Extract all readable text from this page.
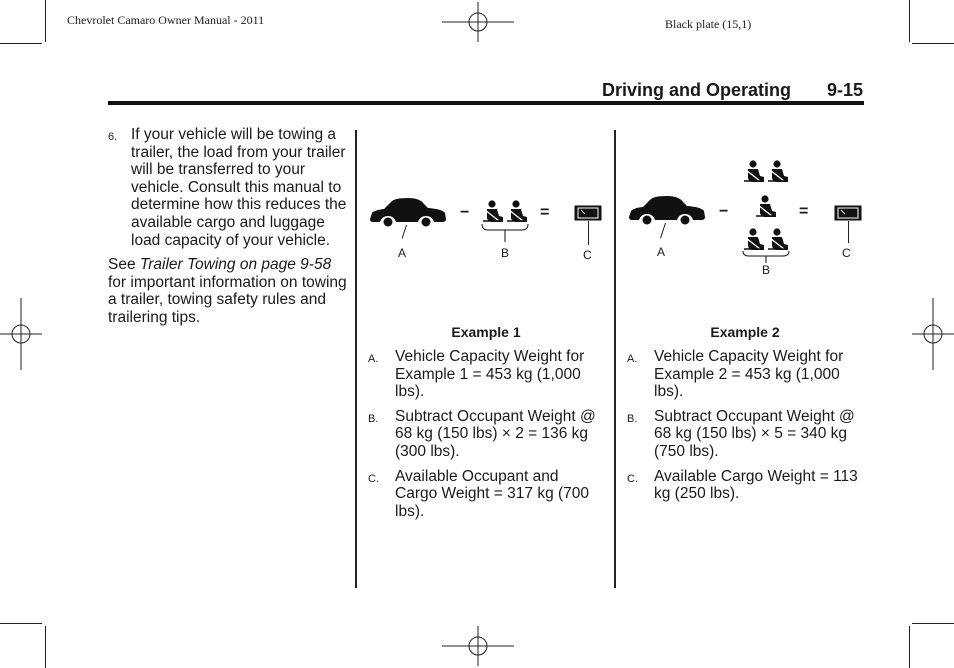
Chevrolet Camaro Owner Manual - 2011	Black plate (15,1)
Driving and Operating 9-15
6. If your vehicle will be towing a trailer, the load from your trailer will be transferred to your vehicle. Consult this manual to determine how this reduces the available cargo and luggage load capacity of your vehicle.
See Trailer Towing on page 9-58 for important information on towing a trailer, towing safety rules and trailering tips.
A
−
B
=
C
Example 1
A. Vehicle Capacity Weight for Example 1 = 453 kg (1,000 lbs).
B. Subtract Occupant Weight @ 68 kg (150 lbs) × 2 = 136 kg (300 lbs).
C. Available Occupant and Cargo Weight = 317 kg (700 lbs).
A
−
B
=
C
Example 2
A. Vehicle Capacity Weight for Example 2 = 453 kg (1,000 lbs).
B. Subtract Occupant Weight @ 68 kg (150 lbs) × 5 = 340 kg (750 lbs).
C. Available Cargo Weight = 113 kg (250 lbs).
